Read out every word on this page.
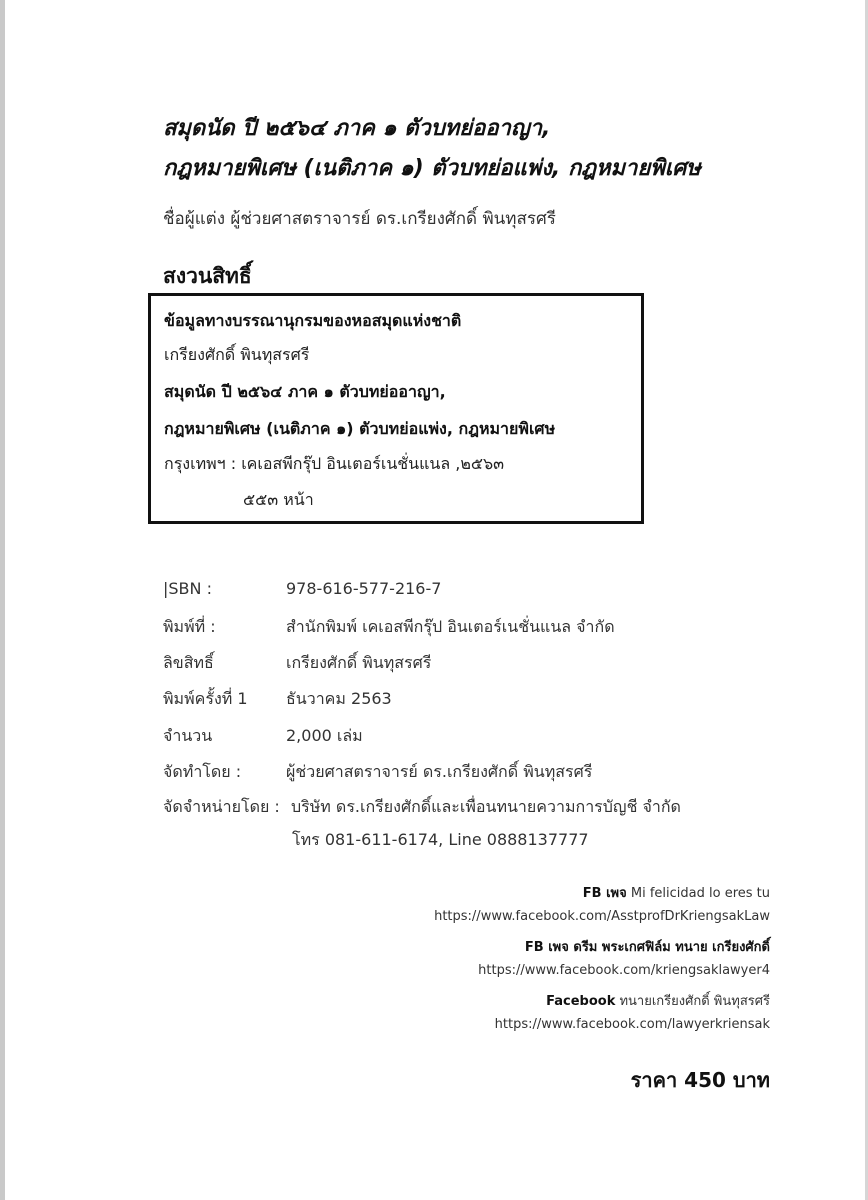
สมุดนัด ปี ๒๕๖๔ ภาค ๑ ตัวบทย่ออาญา,
กฎหมายพิเศษ (เนติภาค ๑) ตัวบทย่อแพ่ง, กฎหมายพิเศษ
ชื่อผู้แต่ง ผู้ช่วยศาสตราจารย์ ดร.เกรียงศักดิ์ พินทุสรศรี
สงวนสิทธิ์
ข้อมูลทางบรรณานุกรมของหอสมุดแห่งชาติ
เกรียงศักดิ์ พินทุสรศรี
สมุดนัด ปี ๒๕๖๔ ภาค ๑ ตัวบทย่ออาญา,
กฎหมายพิเศษ (เนติภาค ๑) ตัวบทย่อแพ่ง, กฎหมายพิเศษ
กรุงเทพฯ : เคเอสพีกรุ๊ป อินเตอร์เนชั่นแนล ,๒๕๖๓
๕๕๓ หน้า
|SBN :	978-616-577-216-7
พิมพ์ที่ :	สำนักพิมพ์ เคเอสพีกรุ๊ป อินเตอร์เนชั่นแนล จำกัด
ลิขสิทธิ์	เกรียงศักดิ์ พินทุสรศรี
พิมพ์ครั้งที่ 1 ธันวาคม 2563
จำนวน	2,000 เล่ม
จัดทำโดย :	ผู้ช่วยศาสตราจารย์ ดร.เกรียงศักดิ์ พินทุสรศรี
จัดจำหน่ายโดย : บริษัท ดร.เกรียงศักดิ์และเพื่อนทนายความการบัญชี จำกัด
โทร 081-611-6174, Line 0888137777
FB เพจ Mi felicidad lo eres tu
https://www.facebook.com/AsstprofDrKriengsakLaw
FB เพจ ดรีม พระเกศฟิล์ม ทนาย เกรียงศักดิ์
https://www.facebook.com/kriengsaklawyer4
Facebook ทนายเกรียงศักดิ์ พินทุสรศรี
https://www.facebook.com/lawyerkriensak
ราคา 450 บาท
